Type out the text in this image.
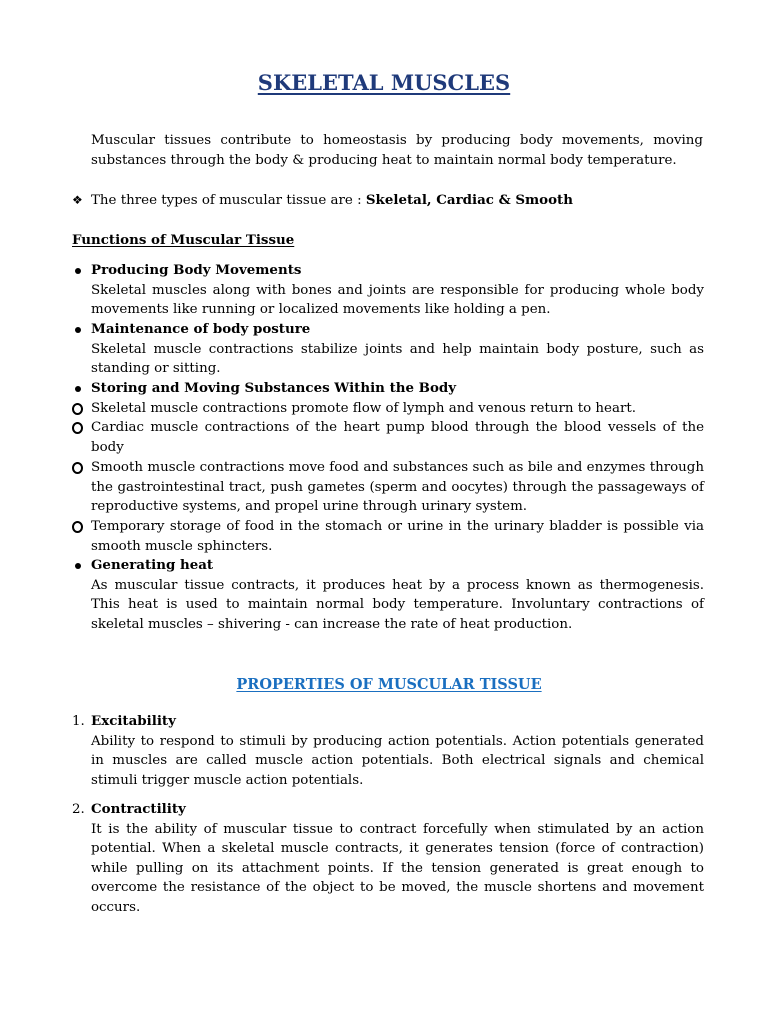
SKELETAL MUSCLES
Muscular tissues contribute to homeostasis by producing body movements, moving substances through the body & producing heat to maintain normal body temperature.
❖ The three types of muscular tissue are : Skeletal, Cardiac & Smooth
Functions of Muscular Tissue
Producing Body Movements
Skeletal muscles along with bones and joints are responsible for producing whole body movements like running or localized movements like holding a pen.
Maintenance of body posture
Skeletal muscle contractions stabilize joints and help maintain body posture, such as standing or sitting.
Storing and Moving Substances Within the Body
Skeletal muscle contractions promote flow of lymph and venous return to heart.
Cardiac muscle contractions of the heart pump blood through the blood vessels of the body
Smooth muscle contractions move food and substances such as bile and enzymes through the gastrointestinal tract, push gametes (sperm and oocytes) through the passageways of reproductive systems, and propel urine through urinary system.
Temporary storage of food in the stomach or urine in the urinary bladder is possible via smooth muscle sphincters.
Generating heat
As muscular tissue contracts, it produces heat by a process known as thermogenesis. This heat is used to maintain normal body temperature. Involuntary contractions of skeletal muscles – shivering - can increase the rate of heat production.
PROPERTIES OF MUSCULAR TISSUE
1. Excitability
Ability to respond to stimuli by producing action potentials. Action potentials generated in muscles are called muscle action potentials. Both electrical signals and chemical stimuli trigger muscle action potentials.
2. Contractility
It is the ability of muscular tissue to contract forcefully when stimulated by an action potential. When a skeletal muscle contracts, it generates tension (force of contraction) while pulling on its attachment points. If the tension generated is great enough to overcome the resistance of the object to be moved, the muscle shortens and movement occurs.
